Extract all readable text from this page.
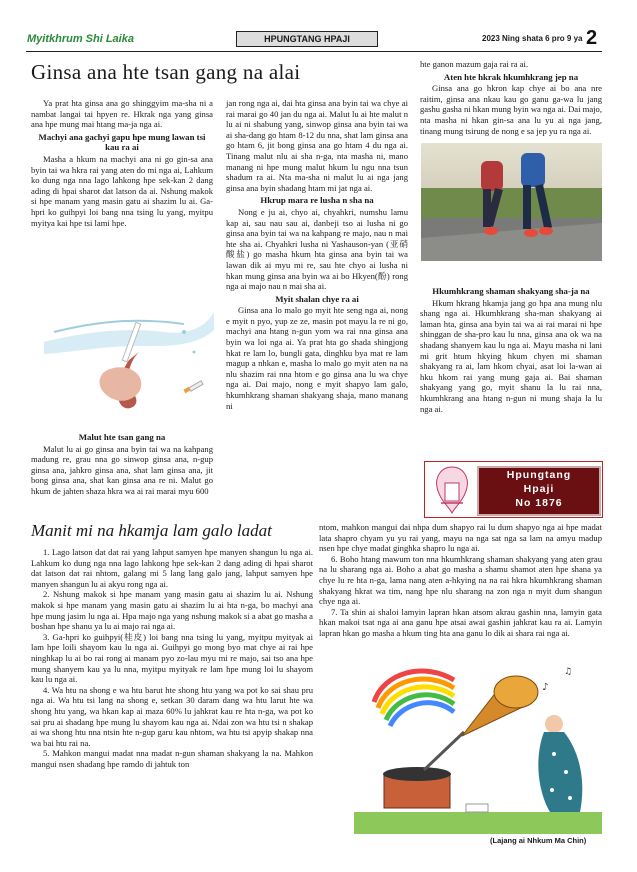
Myitkhrum Shi Laika	HPUNGTANG HPAJI	2023 Ning shata 6 pro 9 ya 2
Ginsa ana hte tsan gang na alai

Ya prat hta ginsa ana go shinggyim ma-sha ni a nambat langai tai hpyen re. Hkrak nga yang ginsa ana hpe mung mai htang ma-ja nga ai.

Machyi ana gachyi gapu hpe mung lawan tsi kau ra ai

Masha a hkum na machyi ana ni go gin-sa ana byin tai wa hkra rai yang aten do mi nga ai, Lahkum ko dung nga nna lago lahkong hpe sek-kan 2 dang ading di hpai sharot dat latson da ai. Nshung makok si hpe manam yang masin gatu ai shazim lu ai. Ga-hpri ko guihpyi loi bang nna tsing lu yang, myitpu myitya kai hpe tsi lami hpe.

Malut hte tsan gang na

Malut lu ai go ginsa ana byin tai wa na kahpang madung re, grau nna go sinwop ginsa ana, n-gup ginsa ana, jahkro ginsa ana, shat lam ginsa ana, jit bong ginsa ana, shat kan ginsa ana re ni. Malut go hkum de jahten shaza hkra wa ai rai marai myu 600

jan rong nga ai, dai hta ginsa ana byin tai wa chye ai rai marai go 40 jan du nga ai. Malut lu ai hte malut n lu ai ni shabung yang, sinwop ginsa ana byin tai wa ai sha-dang go htam 8-12 du nna, shat lam ginsa ana go htam 6, jit bong ginsa ana go htam 4 du nga ai. Tinang malut nlu ai sha n-ga, nta masha ni, mano manang ni hpe mung malut hkum lu ngu nna tsun shadum ra ai. Nta ma-sha ni malut lu ai nga jang ginsa ana byin shadang htam mi jat nga ai.

Hkrup mara re lusha n sha na

Nong e ju ai, chyo ai, chyahkri, numshu lamu kap ai, sau nau sau ai, danbeji tso ai lusha ni go ginsa ana byin tai wa na kahpang re majo, nau n mai hte sha ai. Chyahkri lusha ni Yashauson-yan (亚硝酸盐) go masha hkum hta ginsa ana byin tai wa lawan dik ai myu mi re, sau hte chyo ai lusha ni hkan mung ginsa ana byin wa ai bo Hkyen(酚) rong nga ai majo nau n mai sha ai.

Myit shalan chye ra ai

Ginsa ana lo malo go myit hte seng nga ai, nong e myit n pyo, yup ze ze, masin pot mayu la re ni go, machyi ana htang n-gun yom wa rai nna ginsa ana byin wa loi nga ai. Ya prat hta go shada shingjong hkat re lam lo, bungli gata, dinghku bya mat re lam magup a nhkan e, masha lo malo go myit aten na na nlu shazim rai nna htom e go ginsa ana lu wa chye nga ai. Dai majo, nong e myit shapyo lam galo, hkumhkrang shaman shakyang shaja, mano manang ni

hte ganon mazum gaja rai ra ai.

Aten hte hkrak hkumhkrang jep na

Ginsa ana go hkron kap chye ai bo ana nre raitim, ginsa ana nkau kau go ganu ga-wa lu jang gashu gasha ni hkan mung byin wa nga ai. Dai majo, nta masha ni hkan gin-sa ana lu yu ai nga jang, tinang mung tsirung de nong e sa jep yu ra nga ai.

Hkumhkrang shaman shakyang sha-ja na

Hkum hkrang hkamja jang go hpa ana mung nlu shang nga ai. Hkumhkrang sha-man shakyang ai laman hta, ginsa ana byin tai wa ai rai marai ni hpe shinggan de sha-pro kau lu nna, ginsa ana ok wa na shadang shanyem kau lu nga ai. Mayu masha ni lani mi grit htum hkying hkum chyen mi shaman shakyang ra ai, lam hkom chyai, asat loi la-wan ai hku hkom rai yang mung gaja ai. Bai shaman shakyang yang go, myit shanu la lu rai nna, hkumhkrang ana htang n-gun ni mung shaja la lu nga ai.

Hpungtang
Hpaji
No 1876
Manit mi na hkamja lam galo ladat

1. Lago latson dat dat rai yang lahput samyen hpe manyen shangun lu nga ai. Lahkum ko dung nga nna lago lahkong hpe sek-kan 2 dang ading di hpai sharot dat latson dat rai nhtom, galang mi 5 lang lang galo jang, lahput samyen hpe manyen shangun lu ai akyu rong nga ai.

2. Nshung makok si hpe manam yang masin gatu ai shazim lu ai. Nshung makok si hpe manam yang masin gatu ai shazim lu ai hta n-ga, bo machyi ana hpe mung jasim lu nga ai. Hpa majo nga yang nshung makok si a abat go masha a boshan hpe shanu ya lu ai majo rai nga ai.

3. Ga-hpri ko guihpyi(桂皮) loi bang nna tsing lu yang, myitpu myityak ai lam hpe loili shayom kau lu nga ai. Guihpyi go mong byo mat chye ai rai hpe ninghkap lu ai bo rai rong ai manam pyo zo-lau myu mi re majo, sai tso ana hpe mung shanyem kau ya lu nna, myitpu myityak re lam hpe mung loi lu shayom kau lu nga ai.

4. Wa htu na shong e wa htu barut hte shong htu yang wa pot ko sai shau pru nga ai. Wa htu tsi lang na shong e, setkan 30 daram dang wa htu larut hte wa shong htu yang, wa hkan kap ai maza 60% lu jahkrat kau re hta n-ga, wa pot ko sai pru ai shadang hpe mung lu shayom kau nga ai. Ndai zon wa htu tsi n shakap ai wa shong htu nna ntsin hte n-gup garu kau nhtom, wa htu tsi apyip shakap nna wa bai htu rai na.

5. Mahkon mangui madat nna madat n-gun shaman shakyang la na. Mahkon mangui nsen shadang hpe ramdo di jahtuk ton

ntom, mahkon mangui dai nhpa dum shapyo rai lu dum shapyo nga ai hpe madat lata shapro chyam yu yu rai yang, mayu na nga sat nga sa lam na amyu madup nsen hpe chye madat ginghka shapro lu nga ai.

6. Boho htang mawum ton nna hkumhkrang shaman shakyang yang aten grau na lu sharang nga ai. Boho a abat go masha a shamu shamot aten hpe shana ya chye lu re hta n-ga, lama nang aten a-hkying na na rai hkra hkumhkrang shaman shakyang hkrat wa tim, nang hpe nlu sharang na zon nga n myit dum shangun chye nga ai.

7. Ta shin ai shaloi lamyin lapran hkan atsom akrau gashin nna, lamyin gata hkan makoi tsat nga ai ana ganu hpe atsai awai gashin jahkrat kau ra ai. Lamyin lapran hkan go masha a hkum ting hta ana ganu lo dik ai shara rai nga ai.

♪
♫
(Lajang ai Nhkum Ma Chin)
